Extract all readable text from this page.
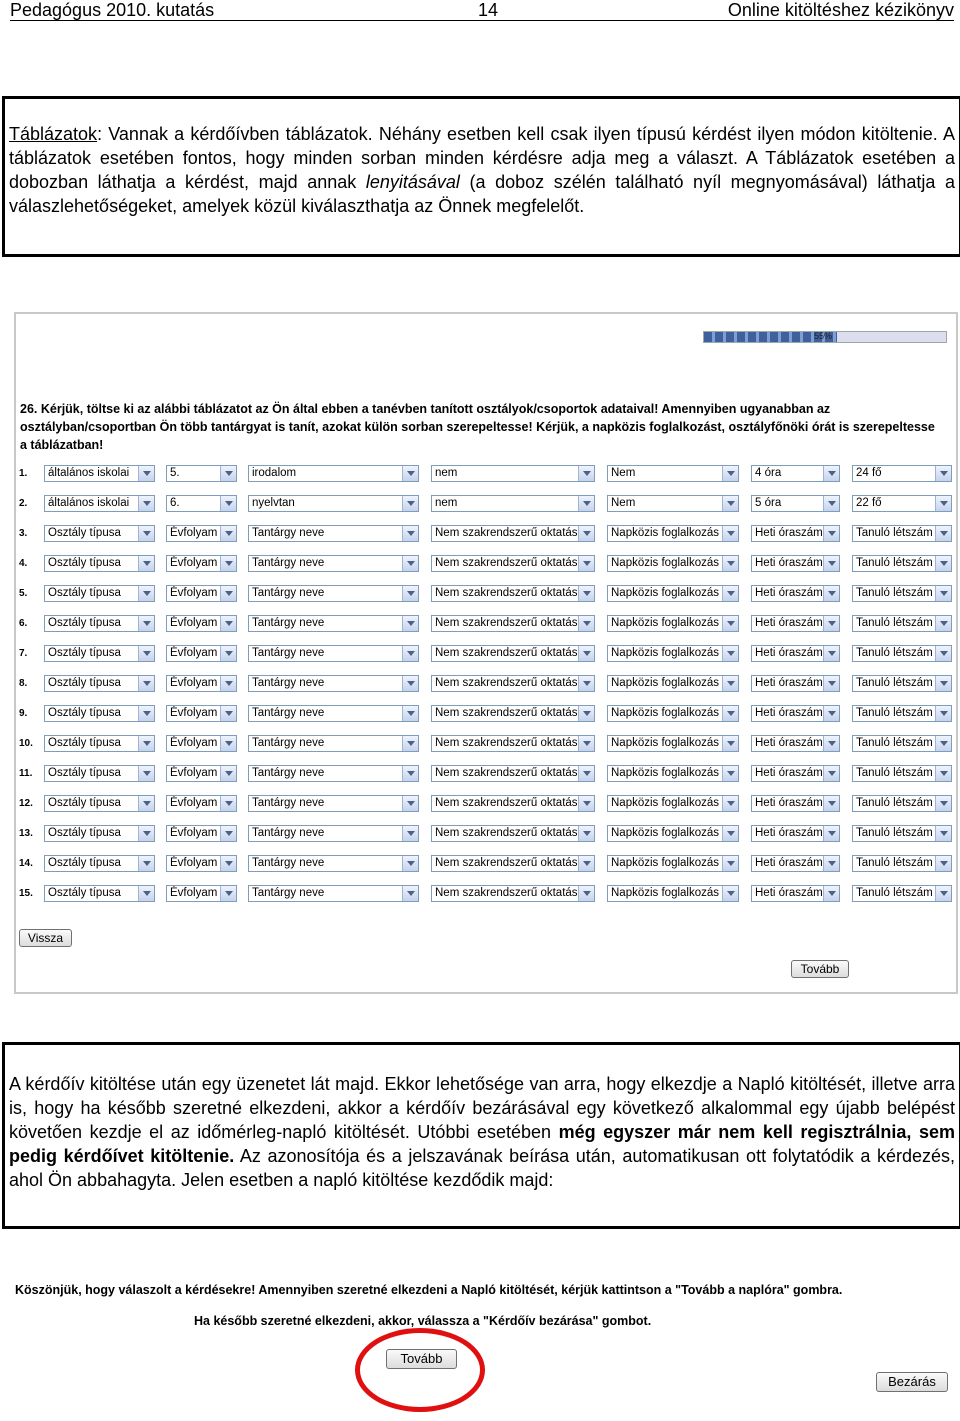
Pedagógus 2010. kutatás	14	Online kitöltéshez kézikönyv
Táblázatok: Vannak a kérdőívben táblázatok. Néhány esetben kell csak ilyen típusú kérdést ilyen módon kitöltenie. A táblázatok esetében fontos, hogy minden sorban minden kérdésre adja meg a választ. A Táblázatok esetében a dobozban láthatja a kérdést, majd annak lenyitásával (a doboz szélén található nyíl megnyomásával) láthatja a válaszlehetőségeket, amelyek közül kiválaszthatja az Önnek megfelelőt.
55%
26. Kérjük, töltse ki az alábbi táblázatot az Ön által ebben a tanévben tanított osztályok/csoportok adataival! Amennyiben ugyanabban az osztályban/csoportban Ön több tantárgyat is tanít, azokat külön sorban szerepeltesse! Kérjük, a napközis foglalkozást, osztályfőnöki órát is szerepeltesse a táblázatban!
1.	általános iskolai	5.	irodalom	nem	Nem	4 óra	24 fő
2.	általános iskolai	6.	nyelvtan	nem	Nem	5 óra	22 fő
3.	Osztály típusa	Évfolyam	Tantárgy neve	Nem szakrendszerű oktatás	Napközis foglalkozás	Heti óraszám	Tanuló létszám
4.	Osztály típusa	Évfolyam	Tantárgy neve	Nem szakrendszerű oktatás	Napközis foglalkozás	Heti óraszám	Tanuló létszám
5.	Osztály típusa	Évfolyam	Tantárgy neve	Nem szakrendszerű oktatás	Napközis foglalkozás	Heti óraszám	Tanuló létszám
6.	Osztály típusa	Évfolyam	Tantárgy neve	Nem szakrendszerű oktatás	Napközis foglalkozás	Heti óraszám	Tanuló létszám
7.	Osztály típusa	Évfolyam	Tantárgy neve	Nem szakrendszerű oktatás	Napközis foglalkozás	Heti óraszám	Tanuló létszám
8.	Osztály típusa	Évfolyam	Tantárgy neve	Nem szakrendszerű oktatás	Napközis foglalkozás	Heti óraszám	Tanuló létszám
9.	Osztály típusa	Évfolyam	Tantárgy neve	Nem szakrendszerű oktatás	Napközis foglalkozás	Heti óraszám	Tanuló létszám
10.	Osztály típusa	Évfolyam	Tantárgy neve	Nem szakrendszerű oktatás	Napközis foglalkozás	Heti óraszám	Tanuló létszám
11.	Osztály típusa	Évfolyam	Tantárgy neve	Nem szakrendszerű oktatás	Napközis foglalkozás	Heti óraszám	Tanuló létszám
12.	Osztály típusa	Évfolyam	Tantárgy neve	Nem szakrendszerű oktatás	Napközis foglalkozás	Heti óraszám	Tanuló létszám
13.	Osztály típusa	Évfolyam	Tantárgy neve	Nem szakrendszerű oktatás	Napközis foglalkozás	Heti óraszám	Tanuló létszám
14.	Osztály típusa	Évfolyam	Tantárgy neve	Nem szakrendszerű oktatás	Napközis foglalkozás	Heti óraszám	Tanuló létszám
15.	Osztály típusa	Évfolyam	Tantárgy neve	Nem szakrendszerű oktatás	Napközis foglalkozás	Heti óraszám	Tanuló létszám
Vissza
Tovább
A kérdőív kitöltése után egy üzenetet lát majd. Ekkor lehetősége van arra, hogy elkezdje a Napló kitöltését, illetve arra is, hogy ha később szeretné elkezdeni, akkor a kérdőív bezárásával egy következő alkalommal egy újabb belépést követően kezdje el az időmérleg-napló kitöltését. Utóbbi esetében még egyszer már nem kell regisztrálnia, sem pedig kérdőívet kitöltenie. Az azonosítója és a jelszavának beírása után, automatikusan ott folytatódik a kérdezés, ahol Ön abbahagyta. Jelen esetben a napló kitöltése kezdődik majd:
Köszönjük, hogy válaszolt a kérdésekre! Amennyiben szeretné elkezdeni a Napló kitöltését, kérjük kattintson a "Tovább a naplóra" gombra.
Ha később szeretné elkezdeni, akkor, válassza a "Kérdőív bezárása" gombot.
Tovább
Bezárás
